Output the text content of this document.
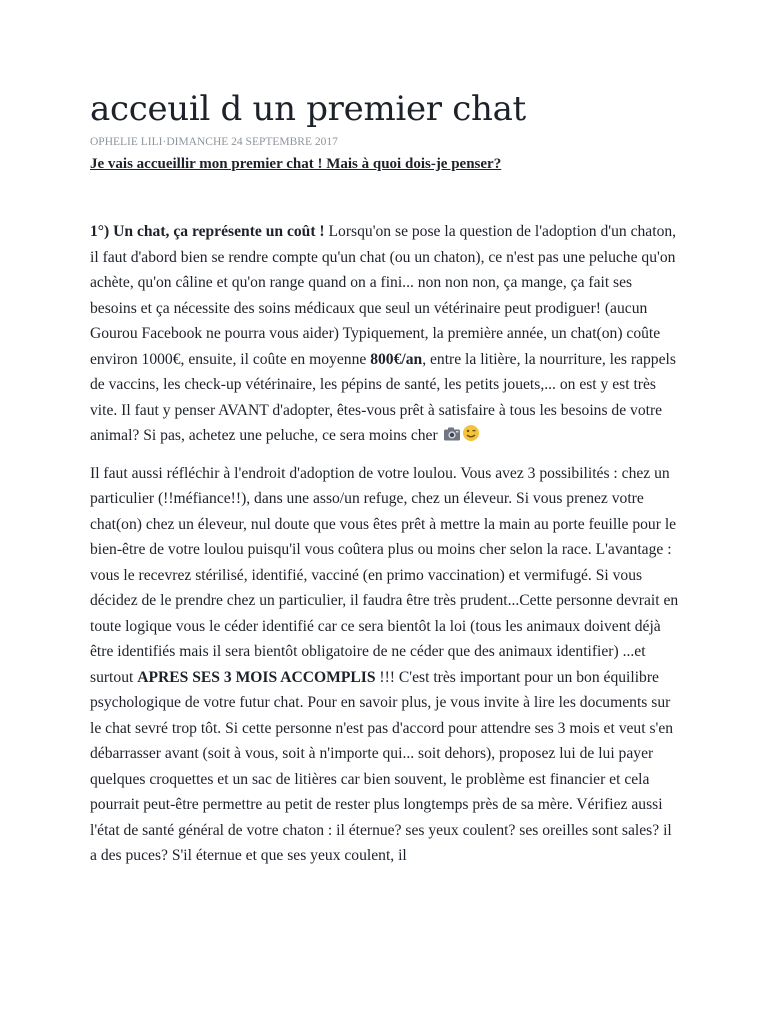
acceuil d un premier chat
OPHELIE LILI·DIMANCHE 24 SEPTEMBRE 2017
Je vais accueillir mon premier chat ! Mais à quoi dois-je penser?

1°) Un chat, ça représente un coût ! Lorsqu'on se pose la question de l'adoption d'un chaton, il faut d'abord bien se rendre compte qu'un chat (ou un chaton), ce n'est pas une peluche qu'on achète, qu'on câline et qu'on range quand on a fini... non non non, ça mange, ça fait ses besoins et ça nécessite des soins médicaux que seul un vétérinaire peut prodiguer! (aucun Gourou Facebook ne pourra vous aider) Typiquement, la première année, un chat(on) coûte environ 1000€, ensuite, il coûte en moyenne 800€/an, entre la litière, la nourriture, les rappels de vaccins, les check-up vétérinaire, les pépins de santé, les petits jouets,... on est y est très vite. Il faut y penser AVANT d'adopter, êtes-vous prêt à satisfaire à tous les besoins de votre animal? Si pas, achetez une peluche, ce sera moins cher

Il faut aussi réfléchir à l'endroit d'adoption de votre loulou. Vous avez 3 possibilités : chez un particulier (!!méfiance!!), dans une asso/un refuge, chez un éleveur. Si vous prenez votre chat(on) chez un éleveur, nul doute que vous êtes prêt à mettre la main au porte feuille pour le bien-être de votre loulou puisqu'il vous coûtera plus ou moins cher selon la race. L'avantage : vous le recevrez stérilisé, identifié, vacciné (en primo vaccination) et vermifugé. Si vous décidez de le prendre chez un particulier, il faudra être très prudent...Cette personne devrait en toute logique vous le céder identifié car ce sera bientôt la loi (tous les animaux doivent déjà être identifiés mais il sera bientôt obligatoire de ne céder que des animaux identifier) ...et surtout APRES SES 3 MOIS ACCOMPLIS !!! C'est très important pour un bon équilibre psychologique de votre futur chat. Pour en savoir plus, je vous invite à lire les documents sur le chat sevré trop tôt. Si cette personne n'est pas d'accord pour attendre ses 3 mois et veut s'en débarrasser avant (soit à vous, soit à n'importe qui... soit dehors), proposez lui de lui payer quelques croquettes et un sac de litières car bien souvent, le problème est financier et cela pourrait peut-être permettre au petit de rester plus longtemps près de sa mère. Vérifiez aussi l'état de santé général de votre chaton : il éternue? ses yeux coulent? ses oreilles sont sales? il a des puces? S'il éternue et que ses yeux coulent, il
